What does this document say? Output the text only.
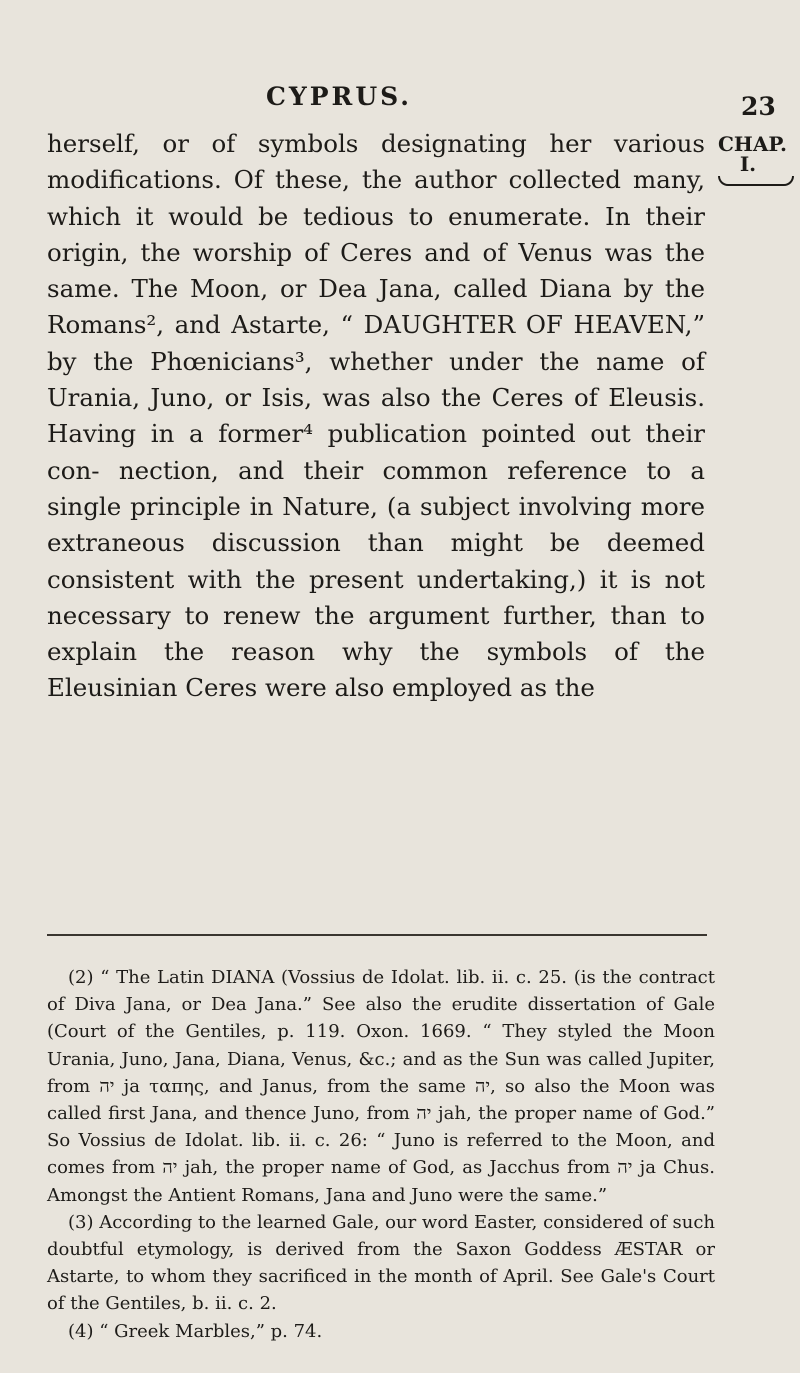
CYPRUS.	23
CHAP.
I.

herself, or of symbols designating her various modifications. Of these, the author collected many, which it would be tedious to enumerate. In their origin, the worship of Ceres and of Venus was the same. The Moon, or Dea Jana, called Diana by the Romans², and Astarte, “ DAUGHTER OF HEAVEN,” by the Phœnicians³, whether under the name of Urania, Juno, or Isis, was also the Ceres of Eleusis. Having in a former⁴ publication pointed out their con- nection, and their common reference to a single principle in Nature, (a subject involving more extraneous discussion than might be deemed consistent with the present undertaking,) it is not necessary to renew the argument further, than to explain the reason why the symbols of the Eleusinian Ceres were also employed as the

(2) “ The Latin DIANA (Vossius de Idolat. lib. ii. c. 25. (is the contract of Diva Jana, or Dea Jana.” See also the erudite dissertation of Gale (Court of the Gentiles, p. 119. Oxon. 1669. “ They styled the Moon Urania, Juno, Jana, Diana, Venus, &c.; and as the Sun was called Jupiter, from יה ja ταπης, and Janus, from the same יה, so also the Moon was called first Jana, and thence Juno, from יה jah, the proper name of God.” So Vossius de Idolat. lib. ii. c. 26: “ Juno is referred to the Moon, and comes from יה jah, the proper name of God, as Jacchus from יה ja Chus. Amongst the Antient Romans, Jana and Juno were the same.”

(3) According to the learned Gale, our word Easter, considered of such doubtful etymology, is derived from the Saxon Goddess ÆSTAR or Astarte, to whom they sacrificed in the month of April. See Gale's Court of the Gentiles, b. ii. c. 2.

(4) “ Greek Marbles,” p. 74.
